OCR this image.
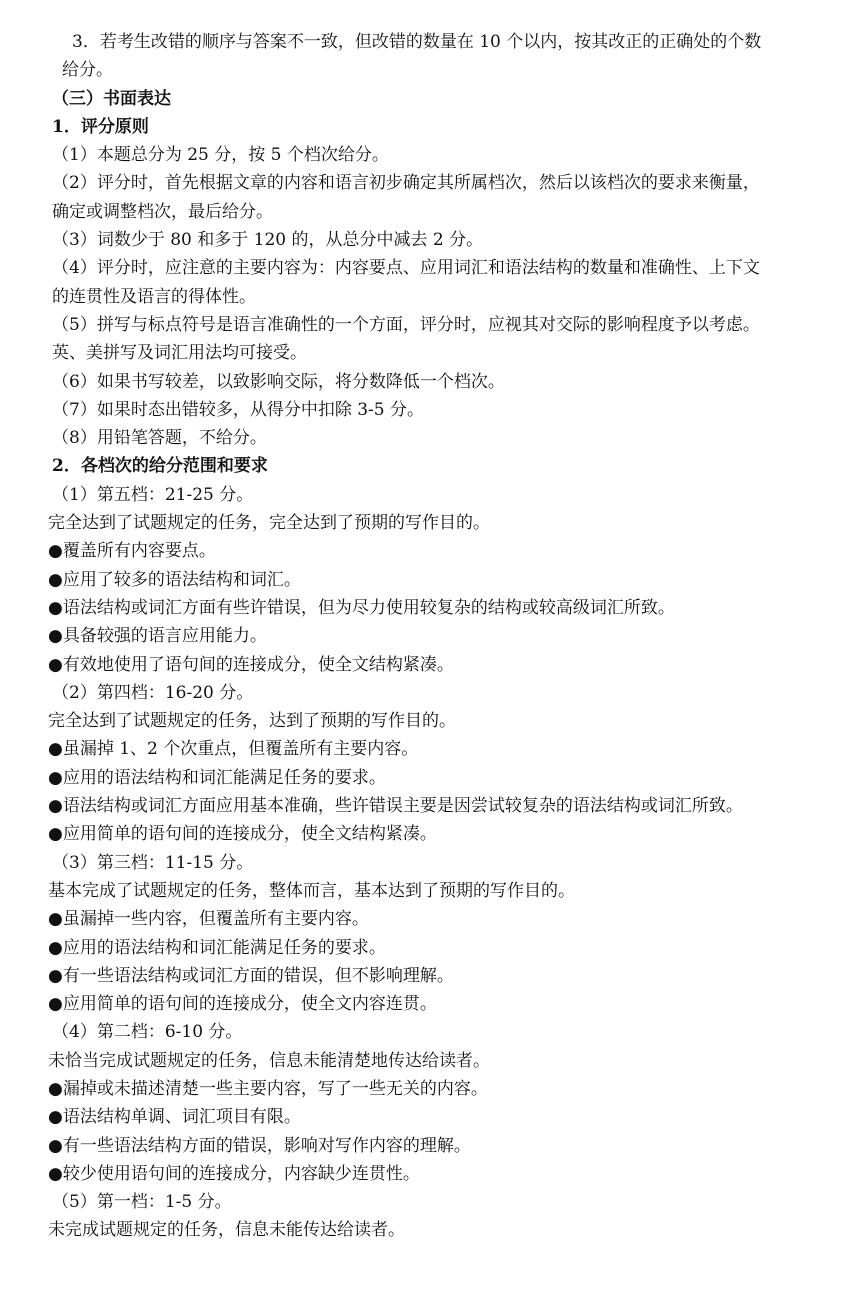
3．若考生改错的顺序与答案不一致，但改错的数量在 10 个以内，按其改正的正确处的个数给分。
（三）书面表达
1．评分原则
（1）本题总分为 25 分，按 5 个档次给分。
（2）评分时，首先根据文章的内容和语言初步确定其所属档次，然后以该档次的要求来衡量，确定或调整档次，最后给分。
（3）词数少于 80 和多于 120 的，从总分中减去 2 分。
（4）评分时，应注意的主要内容为：内容要点、应用词汇和语法结构的数量和准确性、上下文的连贯性及语言的得体性。
（5）拼写与标点符号是语言准确性的一个方面，评分时，应视其对交际的影响程度予以考虑。英、美拼写及词汇用法均可接受。
（6）如果书写较差，以致影响交际，将分数降低一个档次。
（7）如果时态出错较多，从得分中扣除 3-5 分。
（8）用铅笔答题，不给分。
2．各档次的给分范围和要求
（1）第五档：21-25 分。
完全达到了试题规定的任务，完全达到了预期的写作目的。
●覆盖所有内容要点。
●应用了较多的语法结构和词汇。
●语法结构或词汇方面有些许错误，但为尽力使用较复杂的结构或较高级词汇所致。
●具备较强的语言应用能力。
●有效地使用了语句间的连接成分，使全文结构紧凑。
（2）第四档：16-20 分。
完全达到了试题规定的任务，达到了预期的写作目的。
●虽漏掉 1、2 个次重点，但覆盖所有主要内容。
●应用的语法结构和词汇能满足任务的要求。
●语法结构或词汇方面应用基本准确，些许错误主要是因尝试较复杂的语法结构或词汇所致。
●应用简单的语句间的连接成分，使全文结构紧凑。
（3）第三档：11-15 分。
基本完成了试题规定的任务，整体而言，基本达到了预期的写作目的。
●虽漏掉一些内容，但覆盖所有主要内容。
●应用的语法结构和词汇能满足任务的要求。
●有一些语法结构或词汇方面的错误，但不影响理解。
●应用简单的语句间的连接成分，使全文内容连贯。
（4）第二档：6-10 分。
未恰当完成试题规定的任务，信息未能清楚地传达给读者。
●漏掉或未描述清楚一些主要内容，写了一些无关的内容。
●语法结构单调、词汇项目有限。
●有一些语法结构方面的错误，影响对写作内容的理解。
●较少使用语句间的连接成分，内容缺少连贯性。
（5）第一档：1-5 分。
未完成试题规定的任务，信息未能传达给读者。
